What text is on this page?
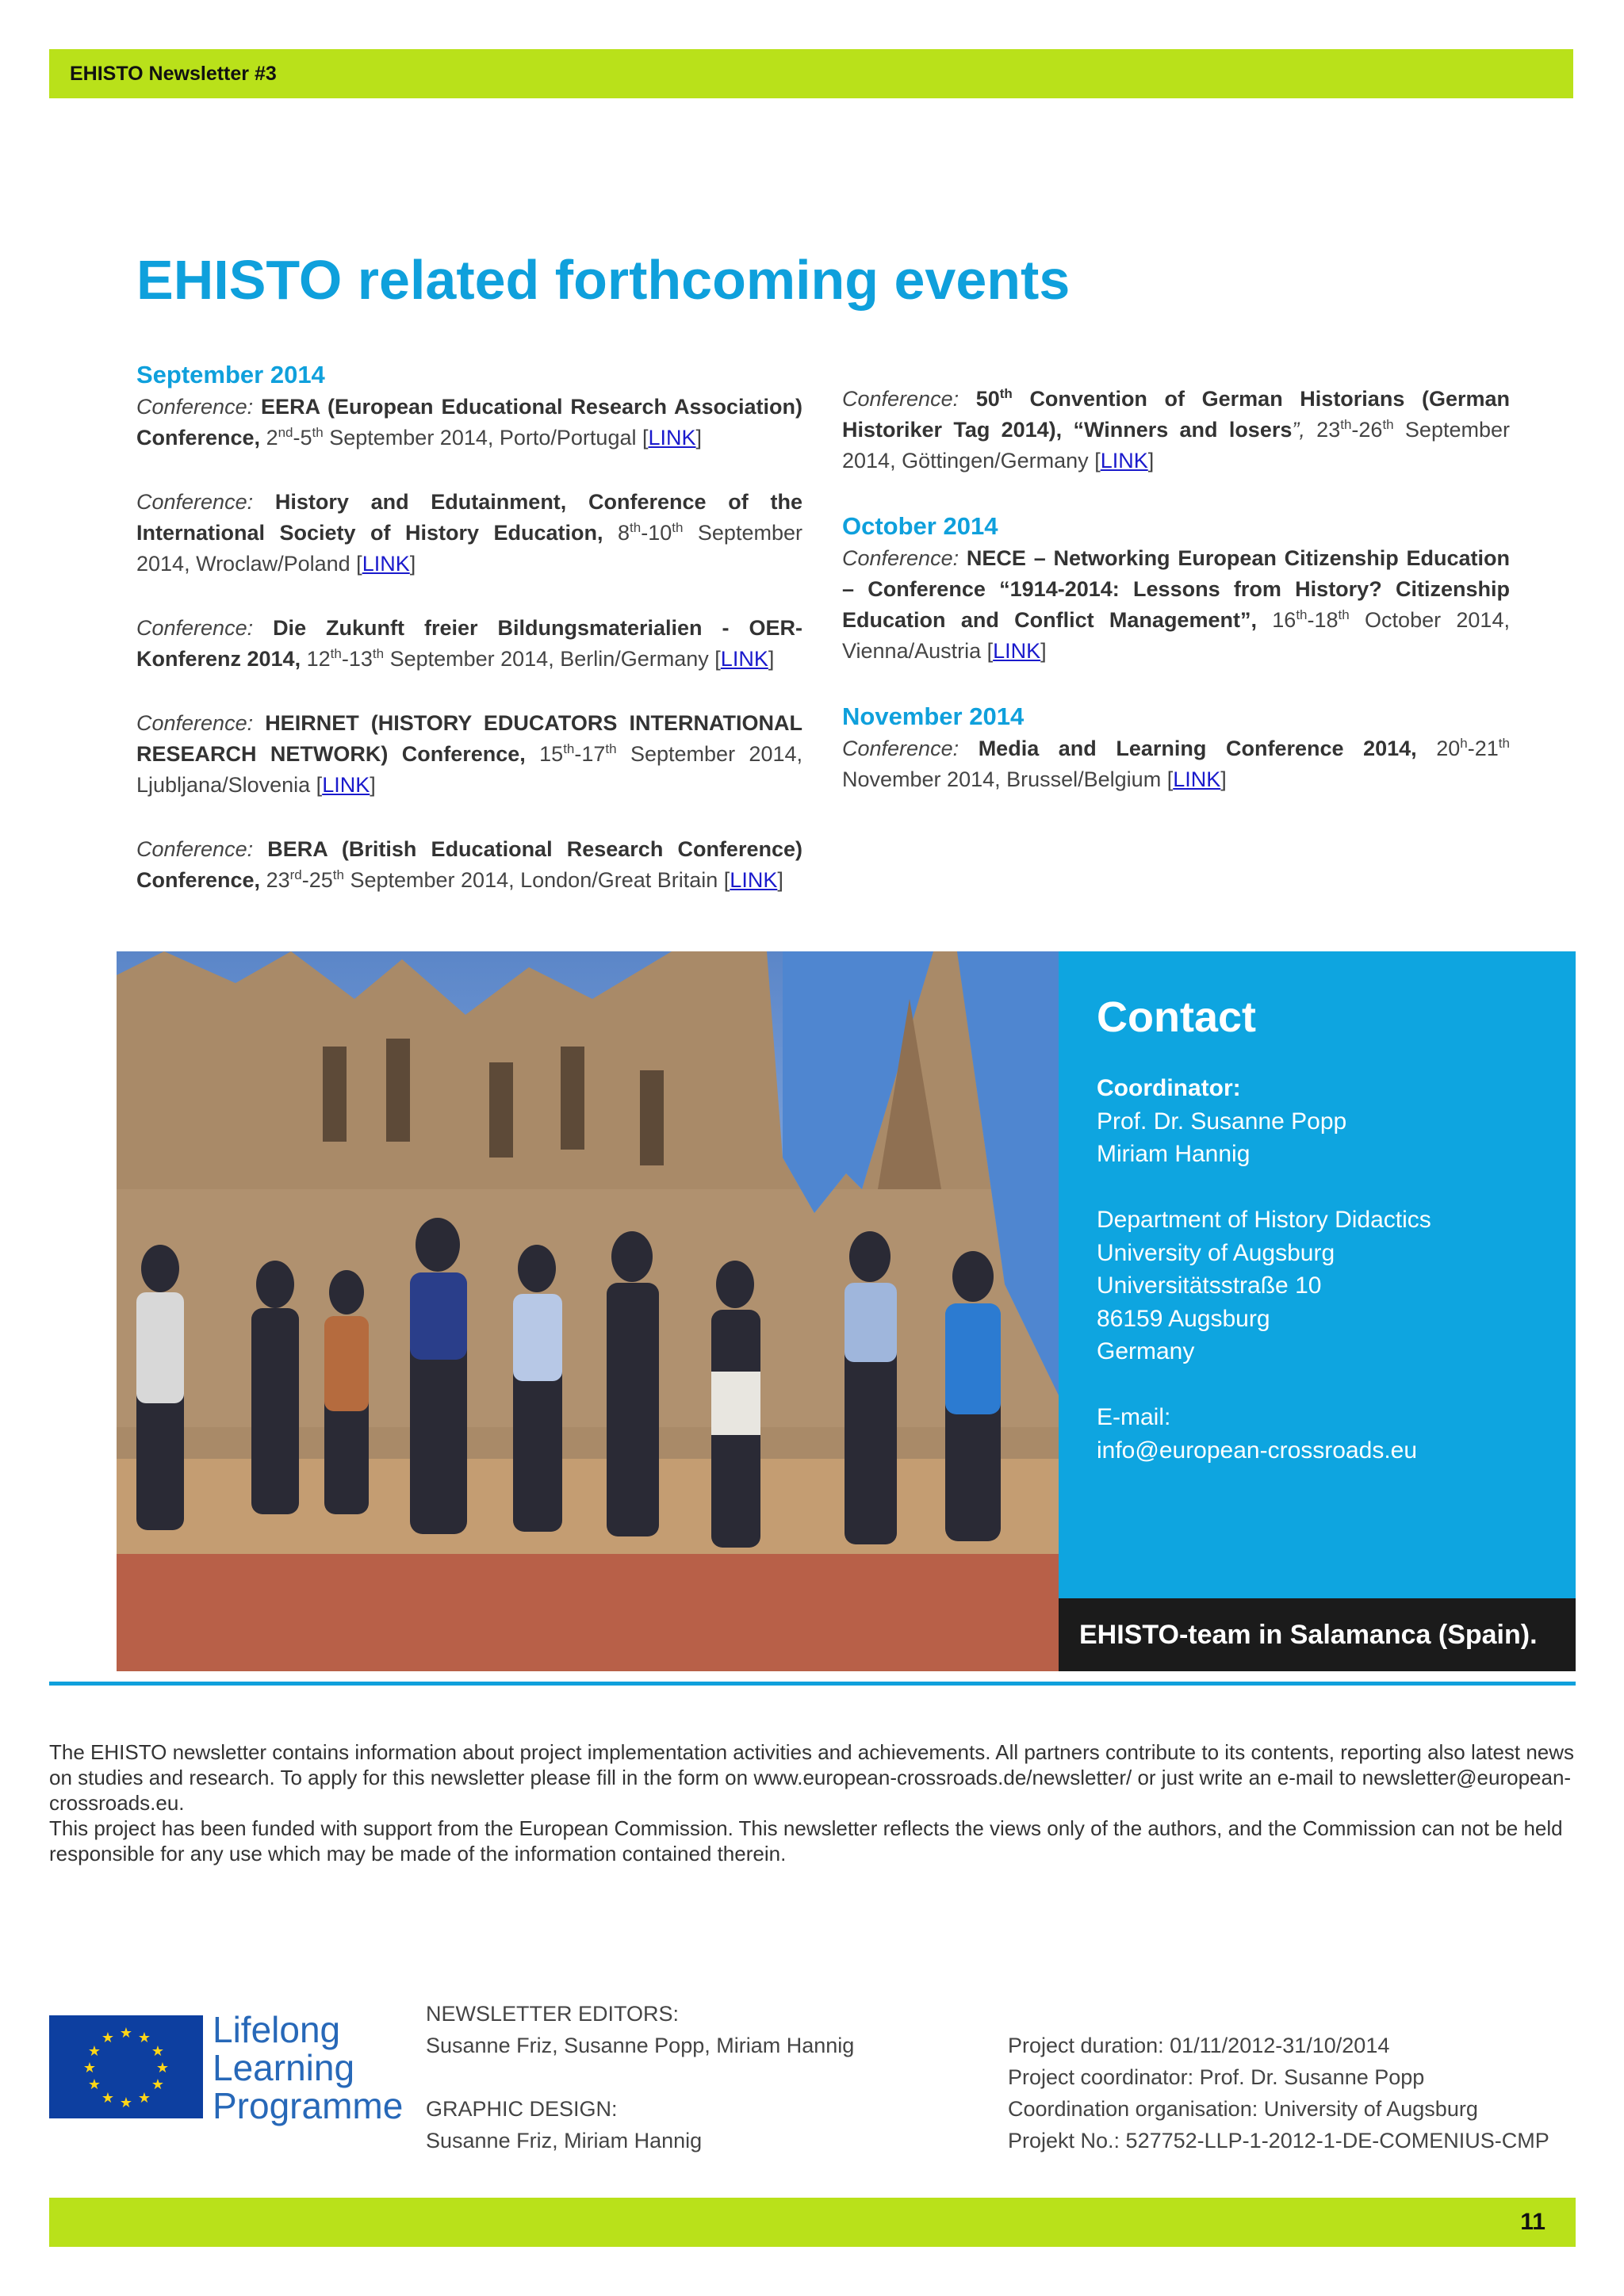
EHISTO Newsletter #3
EHISTO related forthcoming events
September 2014
Conference: EERA (European Educational Research Association) Conference, 2nd-5th September 2014, Porto/Portugal [LINK]
Conference: History and Edutainment, Conference of the International Society of History Education, 8th-10th September 2014, Wroclaw/Poland [LINK]
Conference: Die Zukunft freier Bildungsmaterialien - OER-Konferenz 2014, 12th-13th September 2014, Berlin/Germany [LINK]
Conference: HEIRNET (HISTORY EDUCATORS INTERNATIONAL RESEARCH NETWORK) Conference, 15th-17th September 2014, Ljubljana/Slovenia [LINK]
Conference: BERA (British Educational Research Conference) Conference, 23rd-25th September 2014, London/Great Britain [LINK]
Conference: 50th Convention of German Historians (German Historiker Tag 2014), “Winners and losers”, 23th-26th September 2014, Göttingen/Germany [LINK]
October 2014
Conference: NECE – Networking European Citizenship Education – Conference “1914-2014: Lessons from History? Citizenship Education and Conflict Management”, 16th-18th October 2014, Vienna/Austria [LINK]
November 2014
Conference: Media and Learning Conference 2014, 20$^h$-21th November 2014, Brussel/Belgium [LINK]
Contact
Coordinator:
Prof. Dr. Susanne Popp
Miriam Hannig
Department of History Didactics
University of Augsburg
Universitätsstraße 10
86159 Augsburg
Germany
E-mail:
info@european-crossroads.eu
EHISTO-team in Salamanca (Spain).

The EHISTO newsletter contains information about project implementation activities and achievements. All partners contribute to its contents, reporting also latest news on studies and research. To apply for this newsletter please fill in the form on www.european-crossroads.de/newsletter/ or just write an e-mail to newsletter@european-crossroads.eu.

This project has been funded with support from the European Commission. This newsletter reflects the views only of the authors, and the Commission can not be held responsible for any use which may be made of the information contained therein.

★ ★
★
★
★
★
★
★
★
★
★
★	Lifelong
Learning
Programme
NEWSLETTER EDITORS:
Susanne Friz, Susanne Popp, Miriam Hannig
GRAPHIC DESIGN:
Susanne Friz, Miriam Hannig
Project duration: 01/11/2012-31/10/2014
Project coordinator: Prof. Dr. Susanne Popp
Coordination organisation: University of Augsburg
Projekt No.: 527752-LLP-1-2012-1-DE-COMENIUS-CMP
11
